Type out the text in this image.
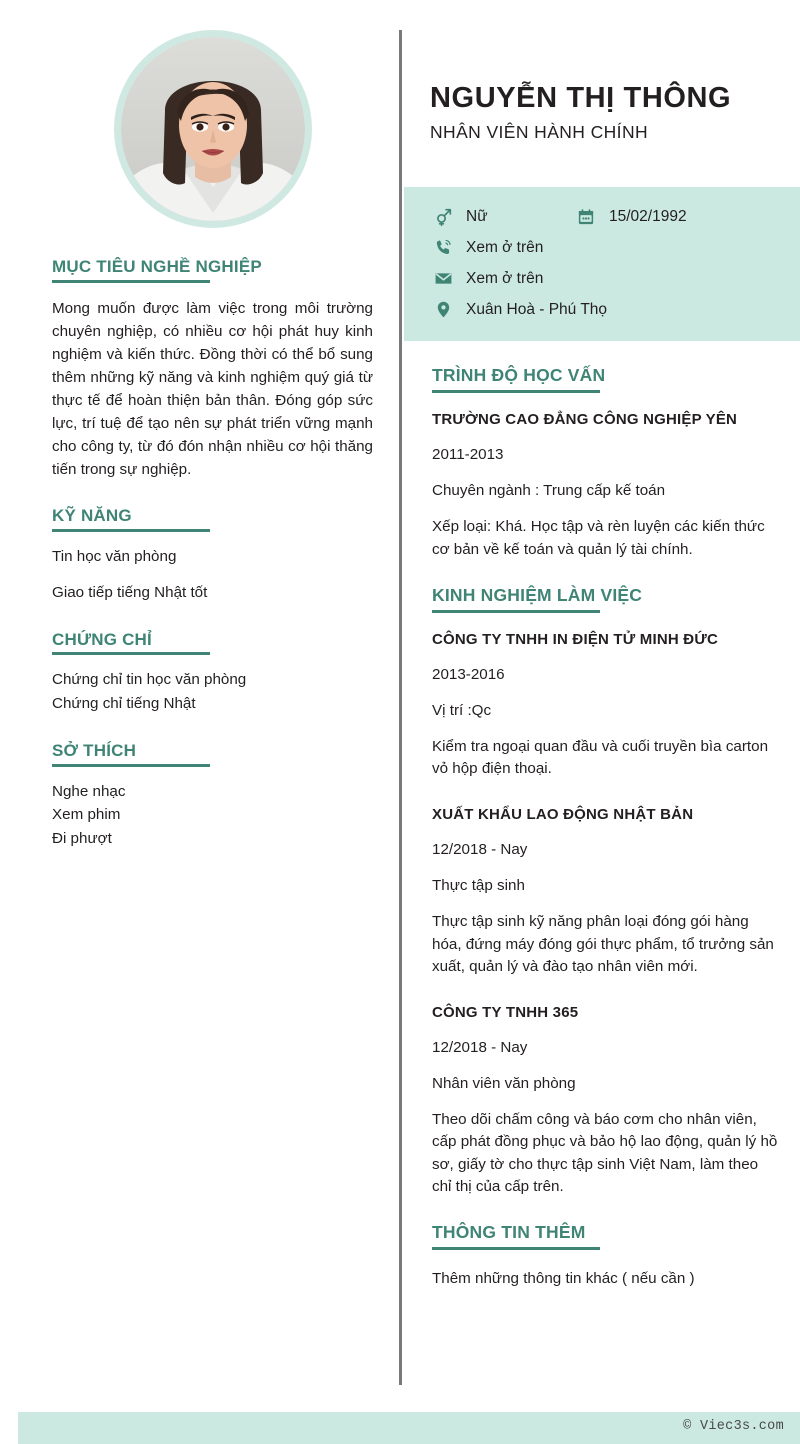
MỤC TIÊU NGHỀ NGHIỆP

Mong muốn được làm việc trong môi trường chuyên nghiệp, có nhiều cơ hội phát huy kinh nghiệm và kiến thức. Đồng thời có thể bổ sung thêm những kỹ năng và kinh nghiệm quý giá từ thực tế để hoàn thiện bản thân. Đóng góp sức lực, trí tuệ để tạo nên sự phát triển vững mạnh cho công ty, từ đó đón nhận nhiều cơ hội thăng tiến trong sự nghiệp.

KỸ NĂNG
Tin học văn phòng
Giao tiếp tiếng Nhật tốt
CHỨNG CHỈ
Chứng chỉ tin học văn phòng
Chứng chỉ tiếng Nhật
SỞ THÍCH
Nghe nhạc
Xem phim
Đi phượt
NGUYỄN THỊ THÔNG
NHÂN VIÊN HÀNH CHÍNH
Nữ	15/02/1992
Xem ở trên
Xem ở trên
Xuân Hoà - Phú Thọ
TRÌNH ĐỘ HỌC VẤN
TRƯỜNG CAO ĐẲNG CÔNG NGHIỆP YÊN
2011-2013
Chuyên ngành : Trung cấp kế toán
Xếp loại: Khá. Học tập và rèn luyện các kiến thức cơ bản về kế toán và quản lý tài chính.
KINH NGHIỆM LÀM VIỆC
CÔNG TY TNHH IN ĐIỆN TỬ MINH ĐỨC
2013-2016
Vị trí :Qc
Kiểm tra ngoại quan đầu và cuối truyền bìa carton vỏ hộp điện thoại.
XUẤT KHẨU LAO ĐỘNG NHẬT BẢN
12/2018 - Nay
Thực tập sinh
Thực tập sinh kỹ năng phân loại đóng gói hàng hóa, đứng máy đóng gói thực phẩm, tổ trưởng sản xuất, quản lý và đào tạo nhân viên mới.
CÔNG TY TNHH 365
12/2018 - Nay
Nhân viên văn phòng
Theo dõi chấm công và báo cơm cho nhân viên, cấp phát đồng phục và bảo hộ lao động, quản lý hồ sơ, giấy tờ cho thực tập sinh Việt Nam, làm theo chỉ thị của cấp trên.
THÔNG TIN THÊM
Thêm những thông tin khác ( nếu cần )
© Viec3s.com
